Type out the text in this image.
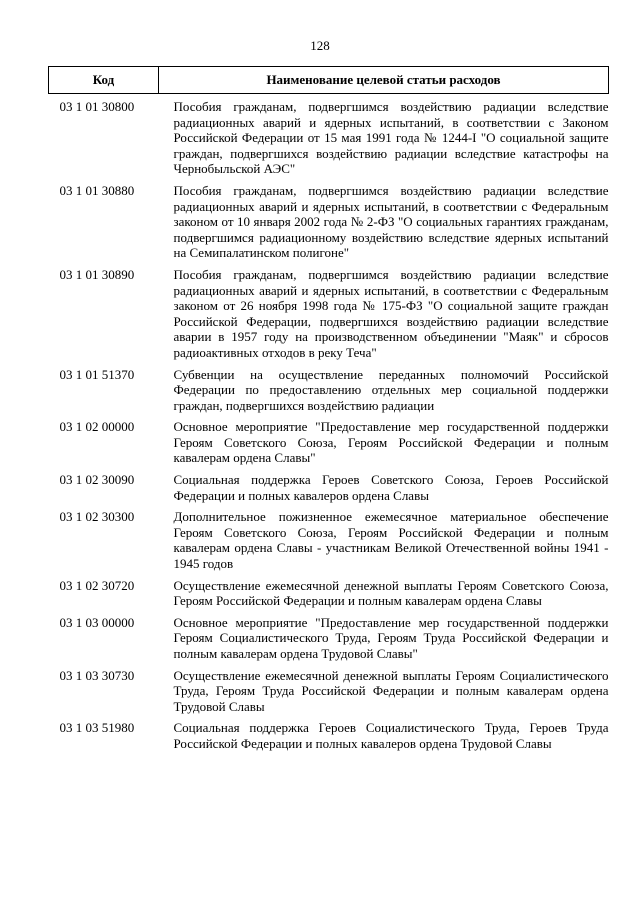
128
Код	Наименование целевой статьи расходов
03 1 01 30800	Пособия гражданам, подвергшимся воздействию радиации вследствие радиационных аварий и ядерных испытаний, в соответствии с Законом Российской Федерации от 15 мая 1991 года № 1244-I "О социальной защите граждан, подвергшихся воздействию радиации вследствие катастрофы на Чернобыльской АЭС"
03 1 01 30880	Пособия гражданам, подвергшимся воздействию радиации вследствие радиационных аварий и ядерных испытаний, в соответствии с Федеральным законом от 10 января 2002 года № 2-ФЗ "О социальных гарантиях гражданам, подвергшимся радиационному воздействию вследствие ядерных испытаний на Семипалатинском полигоне"
03 1 01 30890	Пособия гражданам, подвергшимся воздействию радиации вследствие радиационных аварий и ядерных испытаний, в соответствии с Федеральным законом от 26 ноября 1998 года № 175-ФЗ "О социальной защите граждан Российской Федерации, подвергшихся воздействию радиации вследствие аварии в 1957 году на производственном объединении "Маяк" и сбросов радиоактивных отходов в реку Теча"
03 1 01 51370	Субвенции на осуществление переданных полномочий Российской Федерации по предоставлению отдельных мер социальной поддержки граждан, подвергшихся воздействию радиации
03 1 02 00000	Основное мероприятие "Предоставление мер государственной поддержки Героям Советского Союза, Героям Российской Федерации и полным кавалерам ордена Славы"
03 1 02 30090	Социальная поддержка Героев Советского Союза, Героев Российской Федерации и полных кавалеров ордена Славы
03 1 02 30300	Дополнительное пожизненное ежемесячное материальное обеспечение Героям Советского Союза, Героям Российской Федерации и полным кавалерам ордена Славы - участникам Великой Отечественной войны 1941 - 1945 годов
03 1 02 30720	Осуществление ежемесячной денежной выплаты Героям Советского Союза, Героям Российской Федерации и полным кавалерам ордена Славы
03 1 03 00000	Основное мероприятие "Предоставление мер государственной поддержки Героям Социалистического Труда, Героям Труда Российской Федерации и полным кавалерам ордена Трудовой Славы"
03 1 03 30730	Осуществление ежемесячной денежной выплаты Героям Социалистического Труда, Героям Труда Российской Федерации и полным кавалерам ордена Трудовой Славы
03 1 03 51980	Социальная поддержка Героев Социалистического Труда, Героев Труда Российской Федерации и полных кавалеров ордена Трудовой Славы
